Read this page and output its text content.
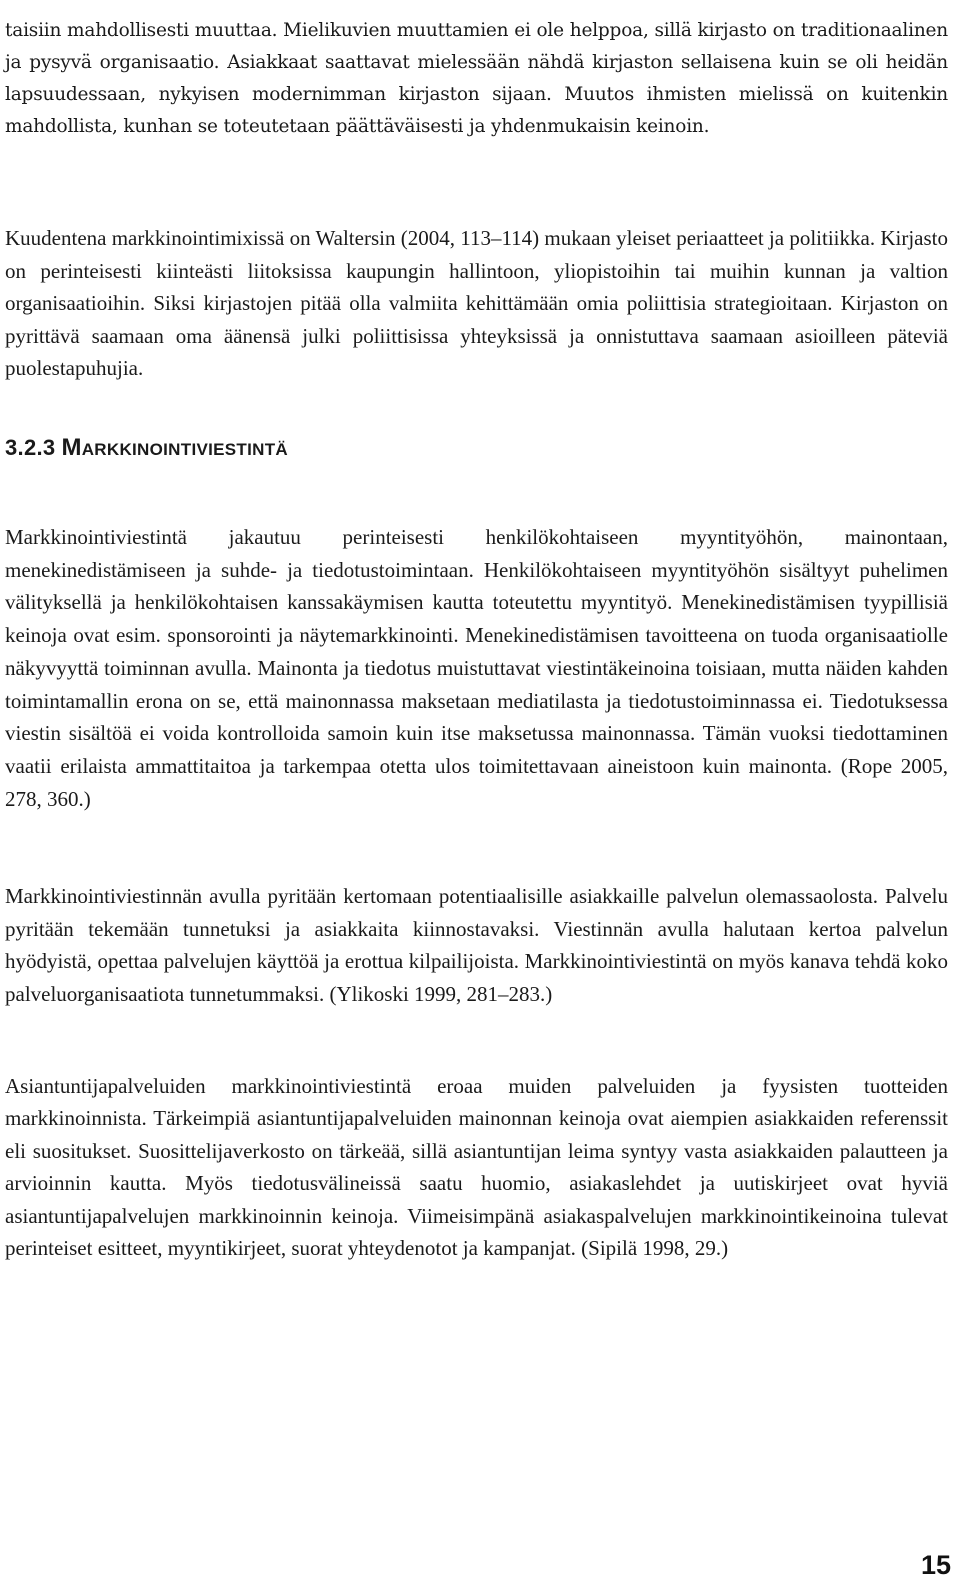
taisiin mahdollisesti muuttaa. Mielikuvien muuttamien ei ole helppoa, sillä kirjasto on traditionaalinen ja pysyvä organisaatio. Asiakkaat saattavat mielessään nähdä kirjaston sellaisena kuin se oli heidän lapsuudessaan, nykyisen modernimman kirjaston sijaan. Muutos ihmisten mielissä on kuitenkin mahdollista, kunhan se toteutetaan päättäväisesti ja yhdenmukaisin keinoin.

Kuudentena markkinointimixissä on Waltersin (2004, 113–114) mukaan yleiset periaatteet ja politiikka. Kirjasto on perinteisesti kiinteästi liitoksissa kaupungin hallintoon, yliopistoihin tai muihin kunnan ja valtion organisaatioihin. Siksi kirjastojen pitää olla valmiita kehittämään omia poliittisia strategioitaan. Kirjaston on pyrittävä saamaan oma äänensä julki poliittisissa yhteyksissä ja onnistuttava saamaan asioilleen päteviä puolestapuhujia.

3.2.3 Markkinointiviestintä

Markkinointiviestintä jakautuu perinteisesti henkilökohtaiseen myyntityöhön, mainontaan, menekinedistämiseen ja suhde- ja tiedotustoimintaan. Henkilökohtaiseen myyntityöhön sisältyyt puhelimen välityksellä ja henkilökohtaisen kanssakäymisen kautta toteutettu myyntityö. Menekinedistämisen tyypillisiä keinoja ovat esim. sponsorointi ja näytemarkkinointi. Menekinedistämisen tavoitteena on tuoda organisaatiolle näkyvyyttä toiminnan avulla. Mainonta ja tiedotus muistuttavat viestintäkeinoina toisiaan, mutta näiden kahden toimintamallin erona on se, että mainonnassa maksetaan mediatilasta ja tiedotustoiminnassa ei. Tiedotuksessa viestin sisältöä ei voida kontrolloida samoin kuin itse maksetussa mainonnassa. Tämän vuoksi tiedottaminen vaatii erilaista ammattitaitoa ja tarkempaa otetta ulos toimitettavaan aineistoon kuin mainonta. (Rope 2005, 278, 360.)

Markkinointiviestinnän avulla pyritään kertomaan potentiaalisille asiakkaille palvelun olemassaolosta. Palvelu pyritään tekemään tunnetuksi ja asiakkaita kiinnostavaksi. Viestinnän avulla halutaan kertoa palvelun hyödyistä, opettaa palvelujen käyttöä ja erottua kilpailijoista. Markkinointiviestintä on myös kanava tehdä koko palveluorganisaatiota tunnetummaksi. (Ylikoski 1999, 281–283.)

Asiantuntijapalveluiden markkinointiviestintä eroaa muiden palveluiden ja fyysisten tuotteiden markkinoinnista. Tärkeimpiä asiantuntijapalveluiden mainonnan keinoja ovat aiempien asiakkaiden referenssit eli suositukset. Suosittelijaverkosto on tärkeää, sillä asiantuntijan leima syntyy vasta asiakkaiden palautteen ja arvioinnin kautta. Myös tiedotusvälineissä saatu huomio, asiakaslehdet ja uutiskirjeet ovat hyviä asiantuntijapalvelujen markkinoinnin keinoja. Viimeisimpänä asiakaspalvelujen markkinointikeinoina tulevat perinteiset esitteet, myyntikirjeet, suorat yhteydenotot ja kampanjat. (Sipilä 1998, 29.)

15
